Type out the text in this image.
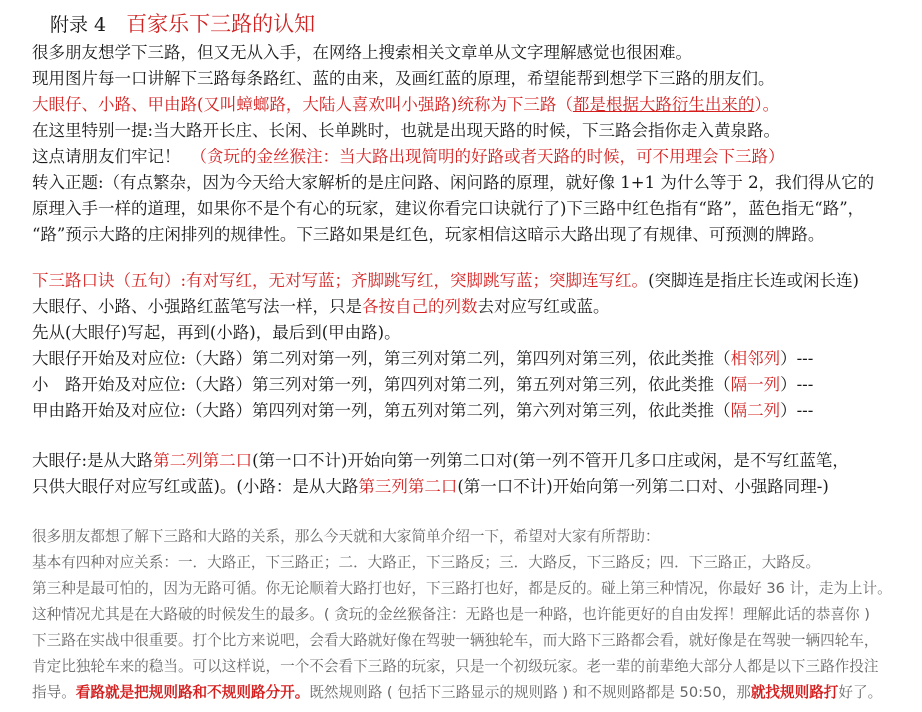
附录 4 百家乐下三路的认知
很多朋友想学下三路，但又无从入手，在网络上搜索相关文章单从文字理解感觉也很困难。
现用图片每一口讲解下三路每条路红、蓝的由来，及画红蓝的原理，希望能帮到想学下三路的朋友们。
大眼仔、小路、甲由路(又叫蟑螂路，大陆人喜欢叫小强路)统称为下三路（都是根据大路衍生出来的）。
在这里特别一提:当大路开长庄、长闲、长单跳时，也就是出现天路的时候，下三路会指你走入黄泉路。
这点请朋友们牢记！ （贪玩的金丝猴注：当大路出现简明的好路或者天路的时候，可不用理会下三路）
转入正题:（有点繁杂，因为今天给大家解析的是庄问路、闲问路的原理，就好像 1+1 为什么等于 2，我们得从它的
原理入手一样的道理，如果你不是个有心的玩家，建议你看完口诀就行了)下三路中红色指有“路”，蓝色指无“路”，
“路”预示大路的庄闲排列的规律性。下三路如果是红色，玩家相信这暗示大路出现了有规律、可预测的牌路。
下三路口诀（五句）:有对写红，无对写蓝；齐脚跳写红，突脚跳写蓝；突脚连写红。(突脚连是指庄长连或闲长连)
大眼仔、小路、小强路红蓝笔写法一样，只是各按自己的列数去对应写红或蓝。
先从(大眼仔)写起，再到(小路)，最后到(甲由路)。
大眼仔开始及对应位:（大路）第二列对第一列，第三列对第二列，第四列对第三列，依此类推（相邻列）---
小　路开始及对应位:（大路）第三列对第一列，第四列对第二列，第五列对第三列，依此类推（隔一列）---
甲由路开始及对应位:（大路）第四列对第一列，第五列对第二列，第六列对第三列，依此类推（隔二列）---
大眼仔:是从大路第二列第二口(第一口不计)开始向第一列第二口对(第一列不管开几多口庄或闲，是不写红蓝笔，
只供大眼仔对应写红或蓝)。(小路：是从大路第三列第二口(第一口不计)开始向第一列第二口对、小强路同理-)
很多朋友都想了解下三路和大路的关系，那么今天就和大家简单介绍一下，希望对大家有所帮助：
基本有四种对应关系：一．大路正，下三路正；二．大路正，下三路反；三．大路反，下三路反；四．下三路正，大路反。
第三种是最可怕的，因为无路可循。你无论顺着大路打也好，下三路打也好，都是反的。碰上第三种情况，你最好 36 计，走为上计。
这种情况尤其是在大路破的时候发生的最多。( 贪玩的金丝猴备注：无路也是一种路，也许能更好的自由发挥！理解此话的恭喜你 )
下三路在实战中很重要。打个比方来说吧，会看大路就好像在驾驶一辆独轮车，而大路下三路都会看，就好像是在驾驶一辆四轮车，
肯定比独轮车来的稳当。可以这样说，一个不会看下三路的玩家，只是一个初级玩家。老一辈的前辈绝大部分人都是以下三路作投注
指导。看路就是把规则路和不规则路分开。既然规则路 ( 包括下三路显示的规则路 ) 和不规则路都是 50:50，那就找规则路打好了。
